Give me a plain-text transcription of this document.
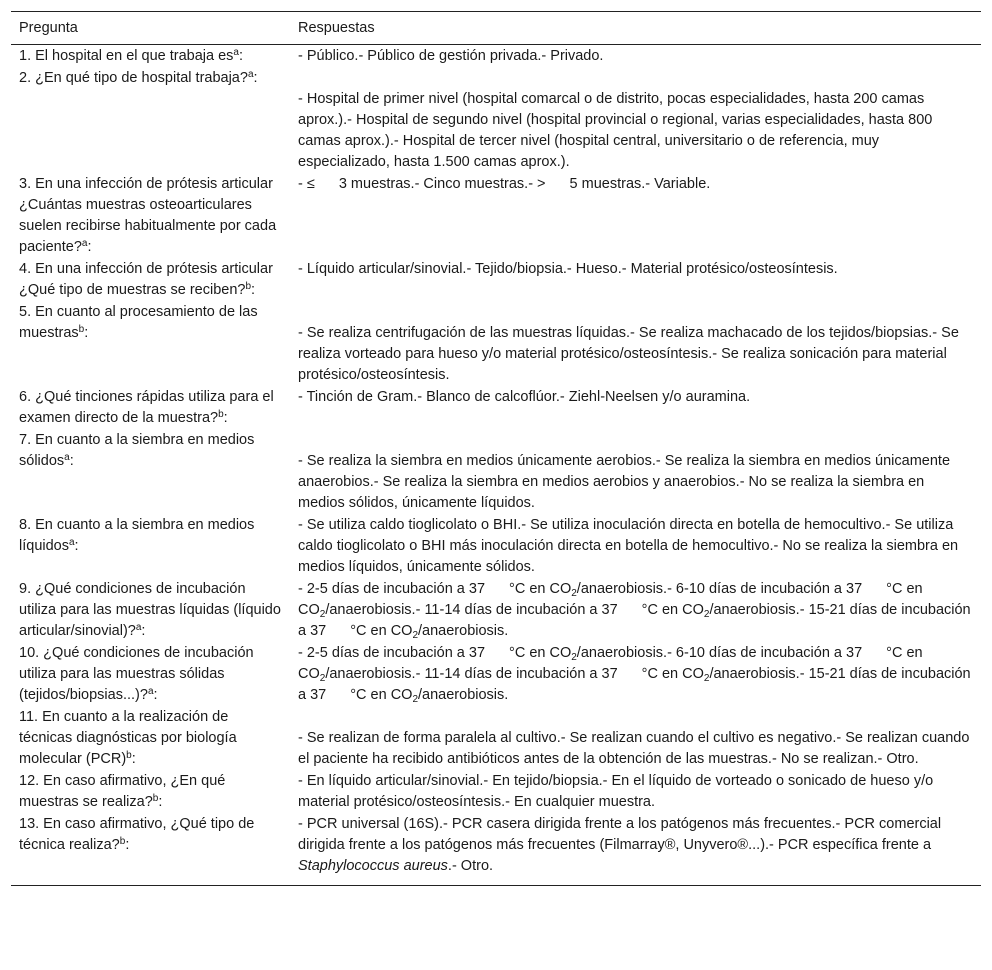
Pregunta	Respuestas
1. El hospital en el que trabaja $es^a$:	- Público.- Público de gestión privada.- Privado.
2. ¿En qué tipo de hospital trabaja?$^a$:	- Hospital de primer nivel (hospital comarcal o de distrito, pocas especialidades, hasta 200 camas aprox.).- Hospital de segundo nivel (hospital provincial o regional, varias especialidades, hasta 800 camas aprox.).- Hospital de tercer nivel (hospital central, universitario o de referencia, muy especializado, hasta 1.500 camas aprox.).
3. En una infección de prótesis articular ¿Cuántas muestras osteoarticulares suelen recibirse habitualmente por cada paciente?$^a$:	- ≤ 3 muestras.- Cinco muestras.- > 5 muestras.- Variable.
4. En una infección de prótesis articular ¿Qué tipo de muestras se reciben?$^b$:	- Líquido articular/sinovial.- Tejido/biopsia.- Hueso.- Material protésico/osteosíntesis.
5. En cuanto al procesamiento de las muestras$^b$:	- Se realiza centrifugación de las muestras líquidas.- Se realiza machacado de los tejidos/biopsias.- Se realiza vorteado para hueso y/o material protésico/osteosíntesis.- Se realiza sonicación para material protésico/osteosíntesis.
6. ¿Qué tinciones rápidas utiliza para el examen directo de la muestra?$^b$:	- Tinción de Gram.- Blanco de calcoflúor.- Ziehl-Neelsen y/o auramina.
7. En cuanto a la siembra en medios sólidos$^a$:	- Se realiza la siembra en medios únicamente aerobios.- Se realiza la siembra en medios únicamente anaerobios.- Se realiza la siembra en medios aerobios y anaerobios.- No se realiza la siembra en medios sólidos, únicamente líquidos.
8. En cuanto a la siembra en medios líquidos$^a$:	- Se utiliza caldo tioglicolato o BHI.- Se utiliza inoculación directa en botella de hemocultivo.- Se utiliza caldo tioglicolato o BHI más inoculación directa en botella de hemocultivo.- No se realiza la siembra en medios líquidos, únicamente sólidos.
9. ¿Qué condiciones de incubación utiliza para las muestras líquidas (líquido articular/sinovial)?$^a$:	- 2-5 días de incubación a 37 °C en $CO_2/anaerobiosis.-$ 6-10 días de incubación a 37 °C en $CO_2/anaerobiosis.-$ 11-14 días de incubación a 37 °C en $CO_2/anaerobiosis.-$ 15-21 días de incubación a 37 °C en $CO_2$/anaerobiosis.
10. ¿Qué condiciones de incubación utiliza para las muestras sólidas (tejidos/biopsias...)?$^a$:	- 2-5 días de incubación a 37 °C en $CO_2/anaerobiosis.-$ 6-10 días de incubación a 37 °C en $CO_2/anaerobiosis.-$ 11-14 días de incubación a 37 °C en $CO_2/anaerobiosis.-$ 15-21 días de incubación a 37 °C en $CO_2$/anaerobiosis.
11. En cuanto a la realización de técnicas diagnósticas por biología molecular (PCR)$^b$:	- Se realizan de forma paralela al cultivo.- Se realizan cuando el cultivo es negativo.- Se realizan cuando el paciente ha recibido antibióticos antes de la obtención de las muestras.- No se realizan.- Otro.
12. En caso afirmativo, ¿En qué muestras se realiza?$^b$:	- En líquido articular/sinovial.- En tejido/biopsia.- En el líquido de vorteado o sonicado de hueso y/o material protésico/osteosíntesis.- En cualquier muestra.
13. En caso afirmativo, ¿Qué tipo de técnica realiza?$^b$:	- PCR universal (16S).- PCR casera dirigida frente a los patógenos más frecuentes.- PCR comercial dirigida frente a los patógenos más frecuentes (Filmarray®, Unyvero®...).- PCR específica frente a Staphylococcus aureus.- Otro.
